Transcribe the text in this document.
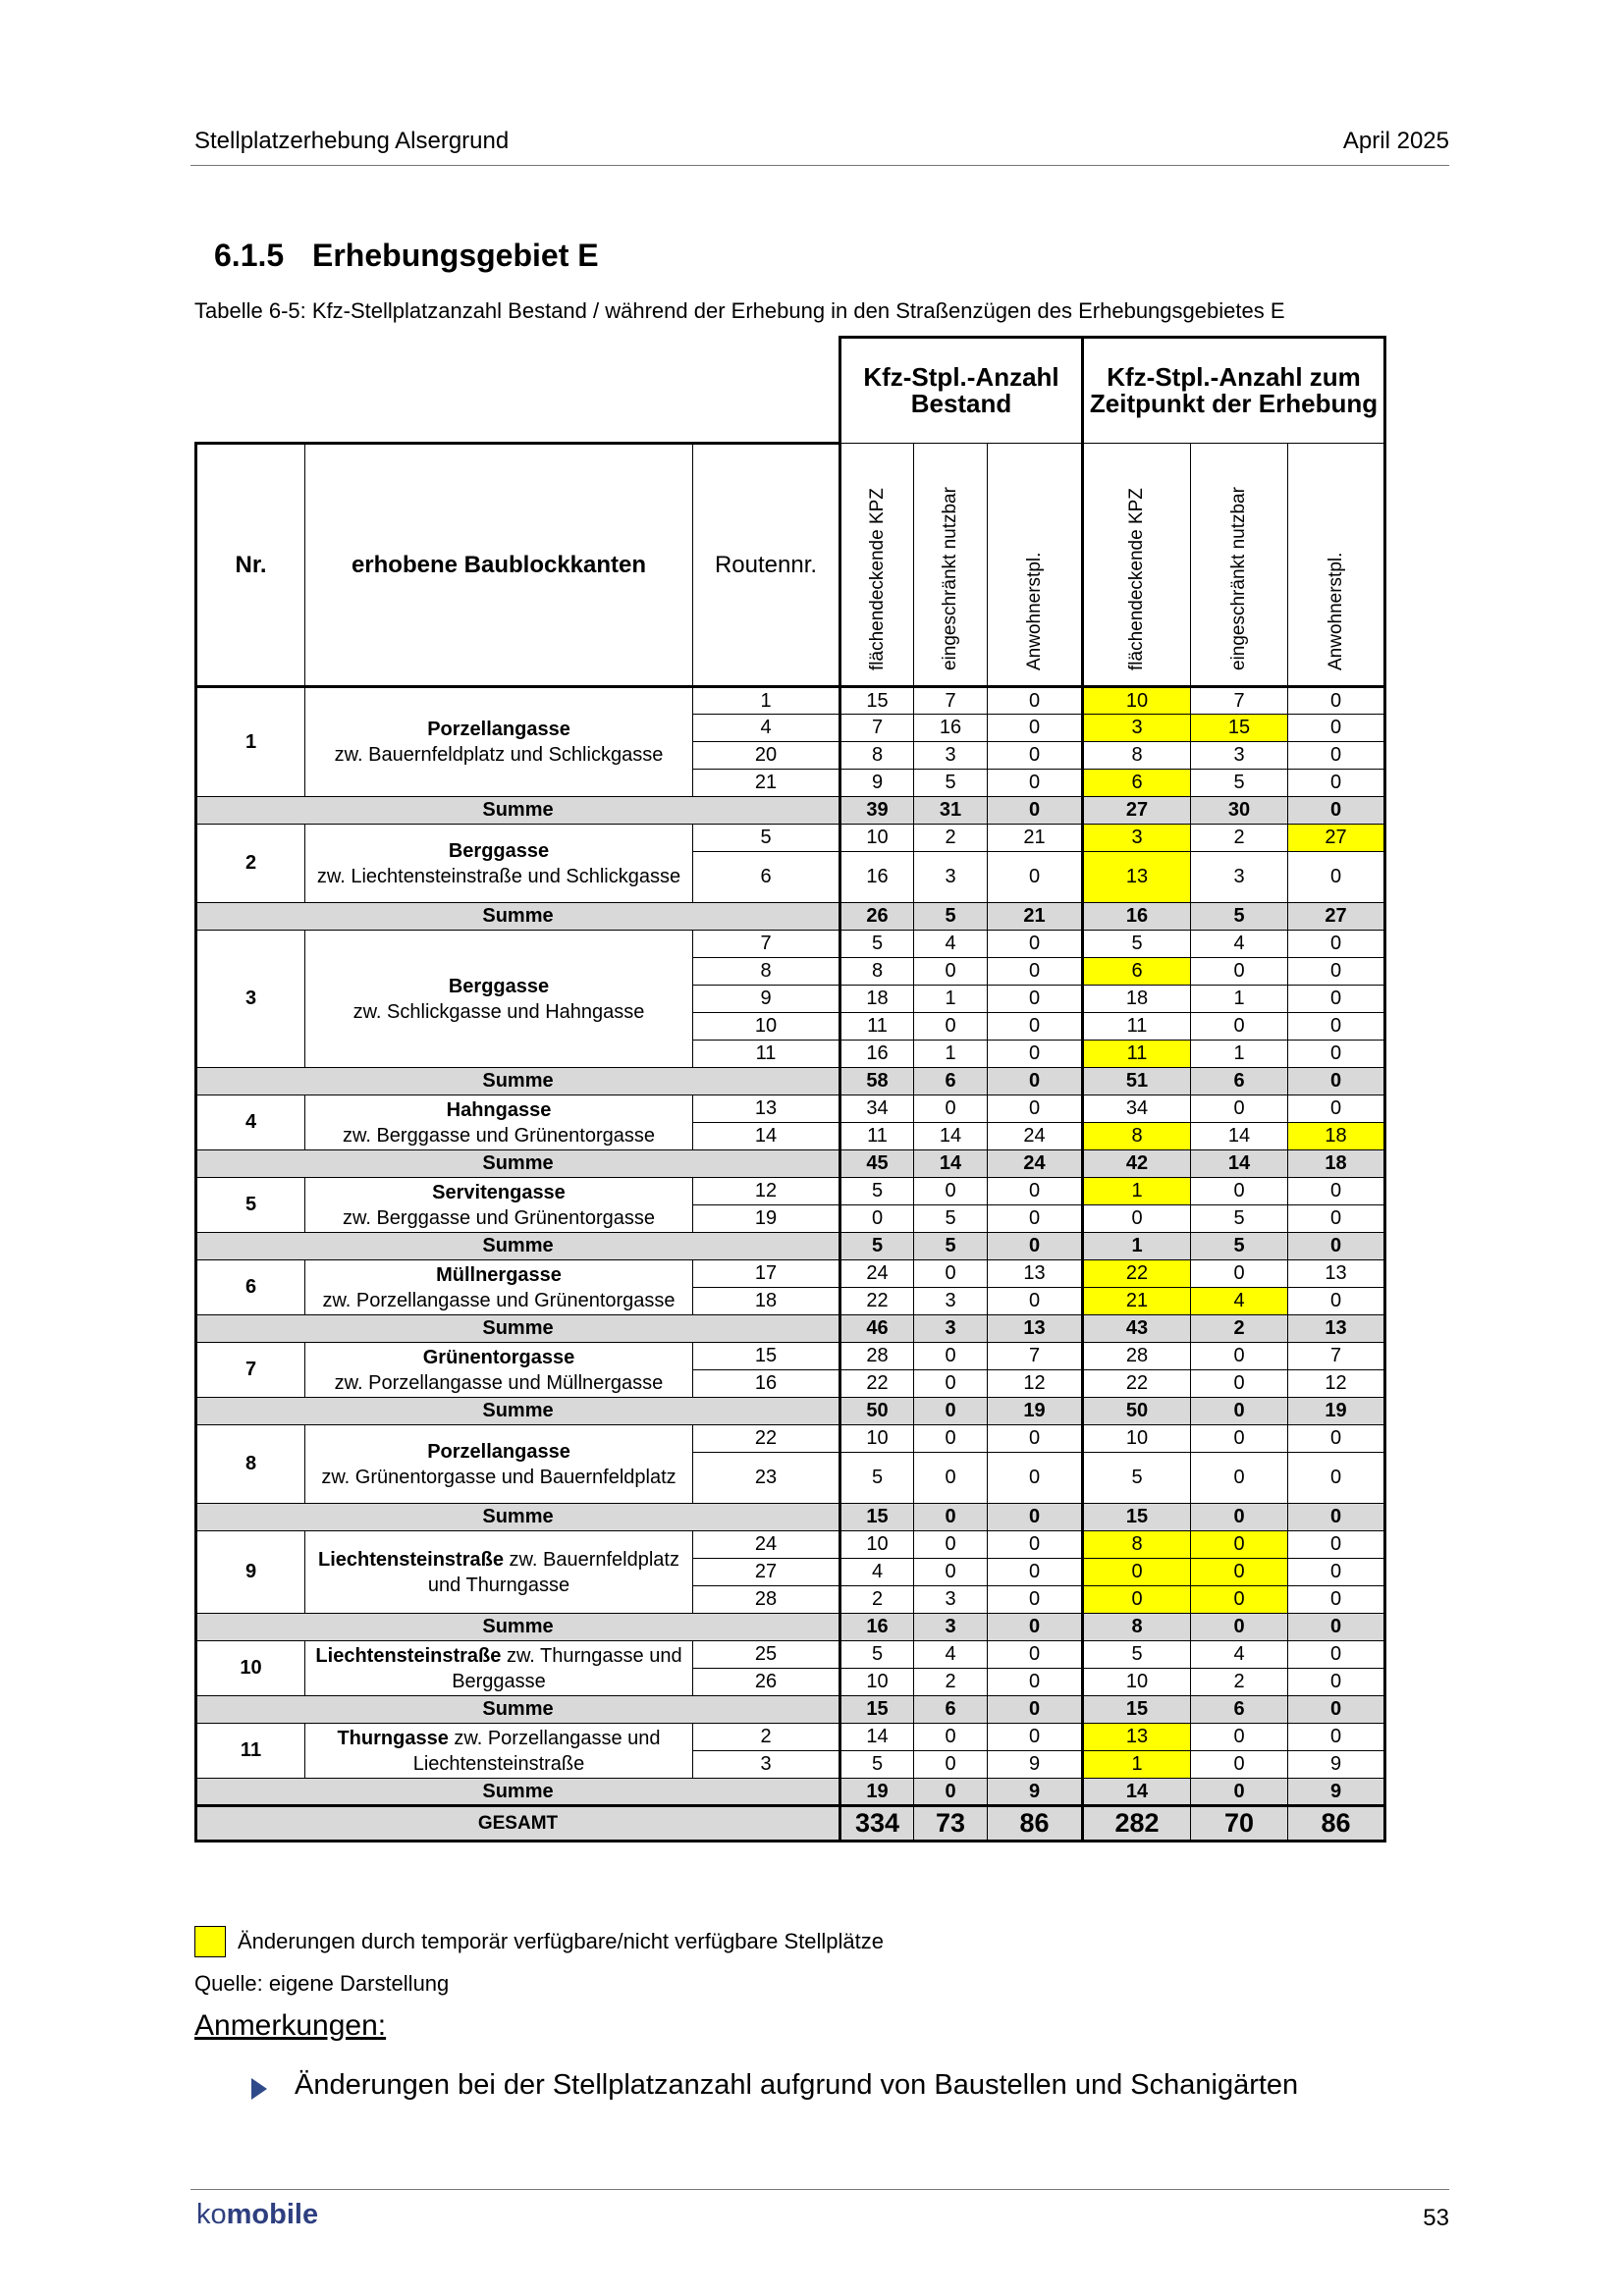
Stellplatzerhebung Alsergrund	April 2025
6.1.5 Erhebungsgebiet E
Tabelle 6-5: Kfz-Stellplatzanzahl Bestand / während der Erhebung in den Straßenzügen des Erhebungsgebietes E
			Kfz-Stpl.-Anzahl Bestand			Kfz-Stpl.-Anzahl zum Zeitpunkt der Erhebung		
Nr.	erhobene Baublockkanten	Routennr.	flächendeckende KPZ	eingeschränkt nutzbar	Anwohnerstpl.	flächendeckende KPZ	eingeschränkt nutzbar	Anwohnerstpl.
1	Porzellangasse
zw. Bauernfeldplatz und Schlickgasse	1	15	7	0	10	7	0
		4	7	16	0	3	15	0
		20	8	3	0	8	3	0
		21	9	5	0	6	5	0
Summe			39	31	0	27	30	0
2	Berggasse
zw. Liechtensteinstraße und Schlickgasse	5	10	2	21	3	2	27
		6	16	3	0	13	3	0
Summe			26	5	21	16	5	27
3	Berggasse
zw. Schlickgasse und Hahngasse	7	5	4	0	5	4	0
		8	8	0	0	6	0	0
		9	18	1	0	18	1	0
		10	11	0	0	11	0	0
		11	16	1	0	11	1	0
Summe			58	6	0	51	6	0
4	Hahngasse
zw. Berggasse und Grünentorgasse	13	34	0	0	34	0	0
		14	11	14	24	8	14	18
Summe			45	14	24	42	14	18
5	Servitengasse
zw. Berggasse und Grünentorgasse	12	5	0	0	1	0	0
		19	0	5	0	0	5	0
Summe			5	5	0	1	5	0
6	Müllnergasse
zw. Porzellangasse und Grünentorgasse	17	24	0	13	22	0	13
		18	22	3	0	21	4	0
Summe			46	3	13	43	2	13
7	Grünentorgasse
zw. Porzellangasse und Müllnergasse	15	28	0	7	28	0	7
		16	22	0	12	22	0	12
Summe			50	0	19	50	0	19
8	Porzellangasse
zw. Grünentorgasse und Bauernfeldplatz	22	10	0	0	10	0	0
		23	5	0	0	5	0	0
Summe			15	0	0	15	0	0
9	Liechtensteinstraße zw. Bauernfeldplatz und Thurngasse	24	10	0	0	8	0	0
		27	4	0	0	0	0	0
		28	2	3	0	0	0	0
Summe			16	3	0	8	0	0
10	Liechtensteinstraße zw. Thurngasse und Berggasse	25	5	4	0	5	4	0
		26	10	2	0	10	2	0
Summe			15	6	0	15	6	0
11	Thurngasse zw. Porzellangasse und Liechtensteinstraße	2	14	0	0	13	0	0
		3	5	0	9	1	0	9
Summe			19	0	9	14	0	9
GESAMT			334	73	86	282	70	86
Änderungen durch temporär verfügbare/nicht verfügbare Stellplätze
Quelle: eigene Darstellung
Anmerkungen:
Änderungen bei der Stellplatzanzahl aufgrund von Baustellen und Schanigärten
komobile	53
